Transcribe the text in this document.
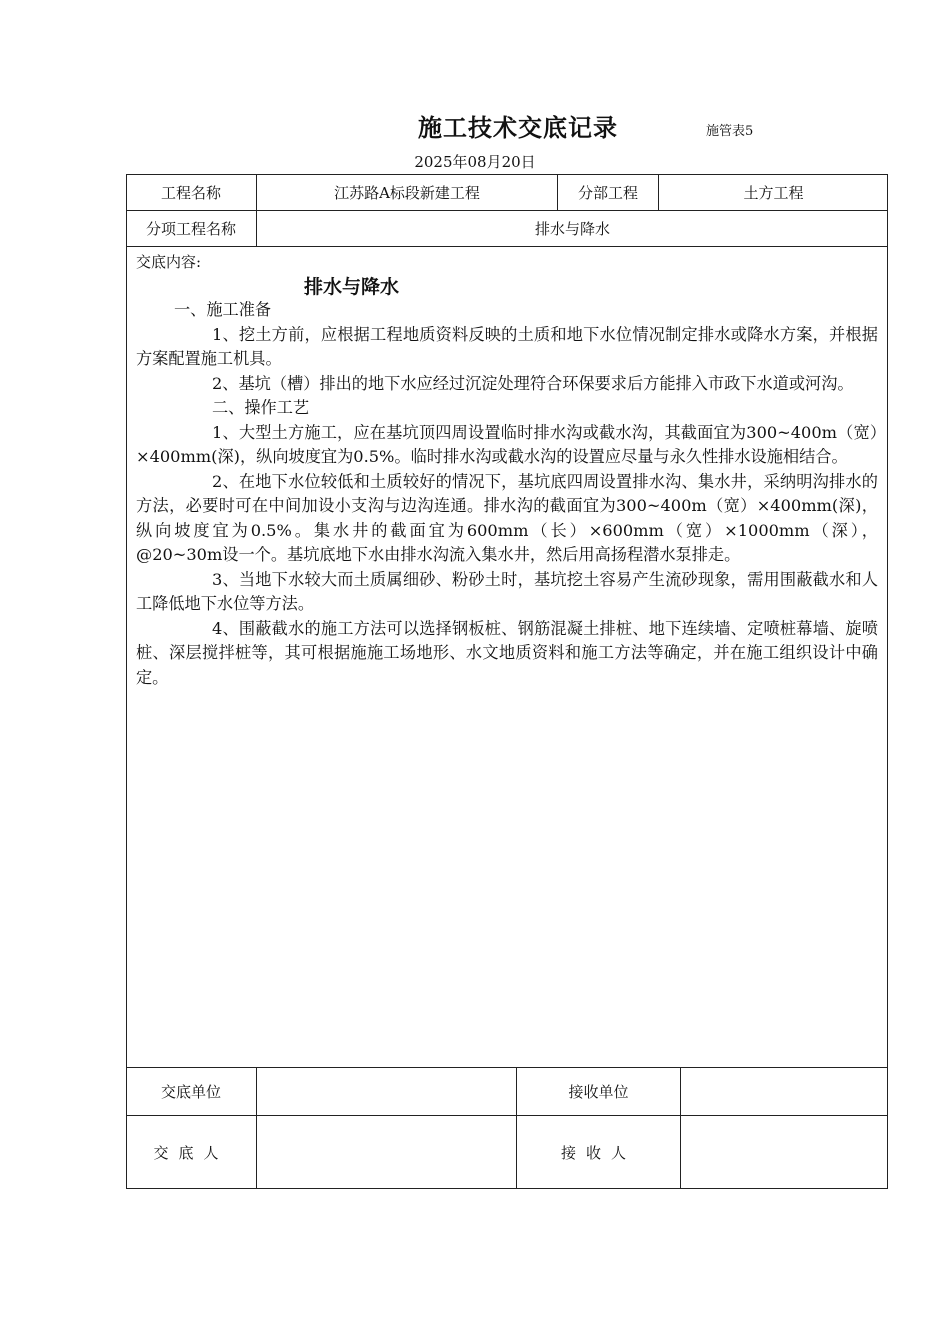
施工技术交底记录	施管表5
2025年08月20日
工程名称	江苏路A标段新建工程	分部工程	土方工程
分项工程名称	排水与降水
交底内容:
排水与降水

一、施工准备

1、挖土方前，应根据工程地质资料反映的土质和地下水位情况制定排水或降水方案，并根据方案配置施工机具。

2、基坑（槽）排出的地下水应经过沉淀处理符合环保要求后方能排入市政下水道或河沟。

二、操作工艺

1、大型土方施工，应在基坑顶四周设置临时排水沟或截水沟，其截面宜为300~400m（宽）×400mm(深)，纵向坡度宜为0.5%。临时排水沟或截水沟的设置应尽量与永久性排水设施相结合。

2、在地下水位较低和土质较好的情况下，基坑底四周设置排水沟、集水井，采纳明沟排水的方法，必要时可在中间加设小支沟与边沟连通。排水沟的截面宜为300~400m（宽）×400mm(深)，纵向坡度宜为0.5%。集水井的截面宜为600mm（长）×600mm（宽）×1000mm（深），@20~30m设一个。基坑底地下水由排水沟流入集水井，然后用高扬程潜水泵排走。

3、当地下水较大而土质属细砂、粉砂土时，基坑挖土容易产生流砂现象，需用围蔽截水和人工降低地下水位等方法。

4、围蔽截水的施工方法可以选择钢板桩、钢筋混凝土排桩、地下连续墙、定喷桩幕墙、旋喷桩、深层搅拌桩等，其可根据施施工场地形、水文地质资料和施工方法等确定，并在施工组织设计中确定。

交底单位	接收单位
交底人	接收人
